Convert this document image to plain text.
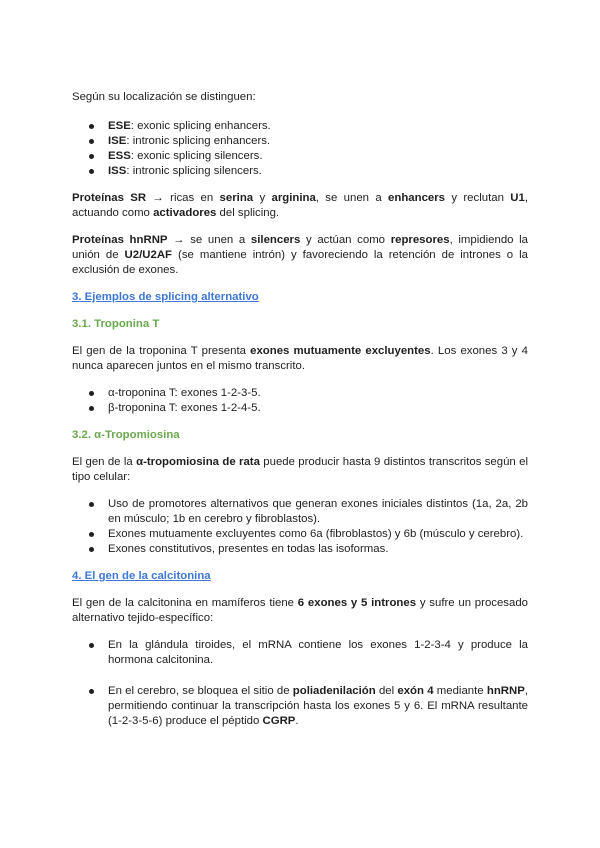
Según su localización se distinguen:

ESE: exonic splicing enhancers.
ISE: intronic splicing enhancers.
ESS: exonic splicing silencers.
ISS: intronic splicing silencers.

Proteínas SR → ricas en serina y arginina, se unen a enhancers y reclutan U1, actuando como activadores del splicing.

Proteínas hnRNP → se unen a silencers y actúan como represores, impidiendo la unión de U2/U2AF (se mantiene intrón) y favoreciendo la retención de intrones o la exclusión de exones.

3. Ejemplos de splicing alternativo

3.1. Troponina T

El gen de la troponina T presenta exones mutuamente excluyentes. Los exones 3 y 4 nunca aparecen juntos en el mismo transcrito.

α-troponina T: exones 1-2-3-5.
β-troponina T: exones 1-2-4-5.

3.2. α-Tropomiosina

El gen de la α-tropomiosina de rata puede producir hasta 9 distintos transcritos según el tipo celular:

Uso de promotores alternativos que generan exones iniciales distintos (1a, 2a, 2b en músculo; 1b en cerebro y fibroblastos).
Exones mutuamente excluyentes como 6a (fibroblastos) y 6b (músculo y cerebro).
Exones constitutivos, presentes en todas las isoformas.

4. El gen de la calcitonina

El gen de la calcitonina en mamíferos tiene 6 exones y 5 intrones y sufre un procesado alternativo tejido-específico:

En la glándula tiroides, el mRNA contiene los exones 1-2-3-4 y produce la hormona calcitonina.
En el cerebro, se bloquea el sitio de poliadenilación del exón 4 mediante hnRNP, permitiendo continuar la transcripción hasta los exones 5 y 6. El mRNA resultante (1-2-3-5-6) produce el péptido CGRP.
